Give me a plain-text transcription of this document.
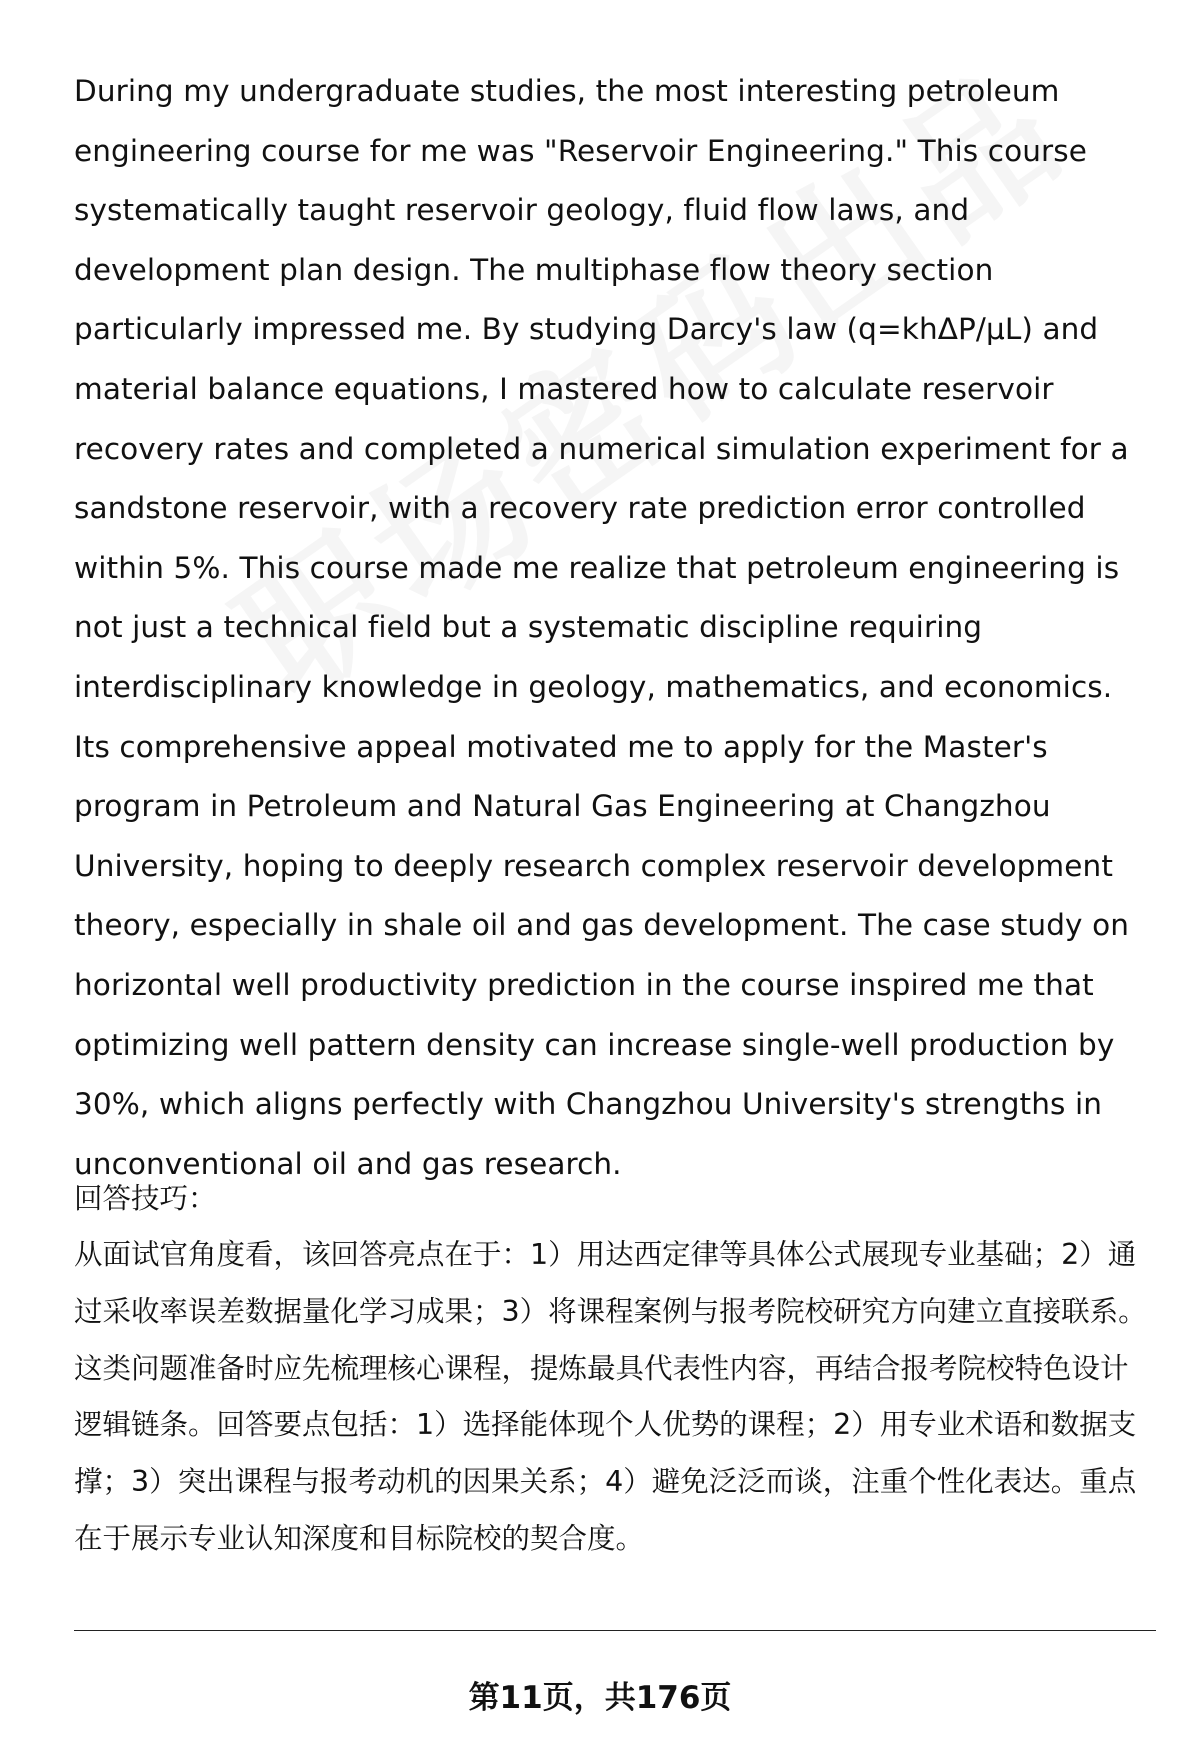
During my undergraduate studies, the most interesting petroleum engineering course for me was "Reservoir Engineering." This course systematically taught reservoir geology, fluid flow laws, and development plan design. The multiphase flow theory section particularly impressed me. By studying Darcy's law (q=khΔP/μL) and material balance equations, I mastered how to calculate reservoir recovery rates and completed a numerical simulation experiment for a sandstone reservoir, with a recovery rate prediction error controlled within 5%. This course made me realize that petroleum engineering is not just a technical field but a systematic discipline requiring interdisciplinary knowledge in geology, mathematics, and economics. Its comprehensive appeal motivated me to apply for the Master's program in Petroleum and Natural Gas Engineering at Changzhou University, hoping to deeply research complex reservoir development theory, especially in shale oil and gas development. The case study on horizontal well productivity prediction in the course inspired me that optimizing well pattern density can increase single-well production by 30%, which aligns perfectly with Changzhou University's strengths in unconventional oil and gas research.

回答技巧：

从面试官角度看，该回答亮点在于：1）用达西定律等具体公式展现专业基础；2）通过采收率误差数据量化学习成果；3）将课程案例与报考院校研究方向建立直接联系。这类问题准备时应先梳理核心课程，提炼最具代表性内容，再结合报考院校特色设计逻辑链条。回答要点包括：1）选择能体现个人优势的课程；2）用专业术语和数据支撑；3）突出课程与报考动机的因果关系；4）避免泛泛而谈，注重个性化表达。重点在于展示专业认知深度和目标院校的契合度。

第11页，共176页
